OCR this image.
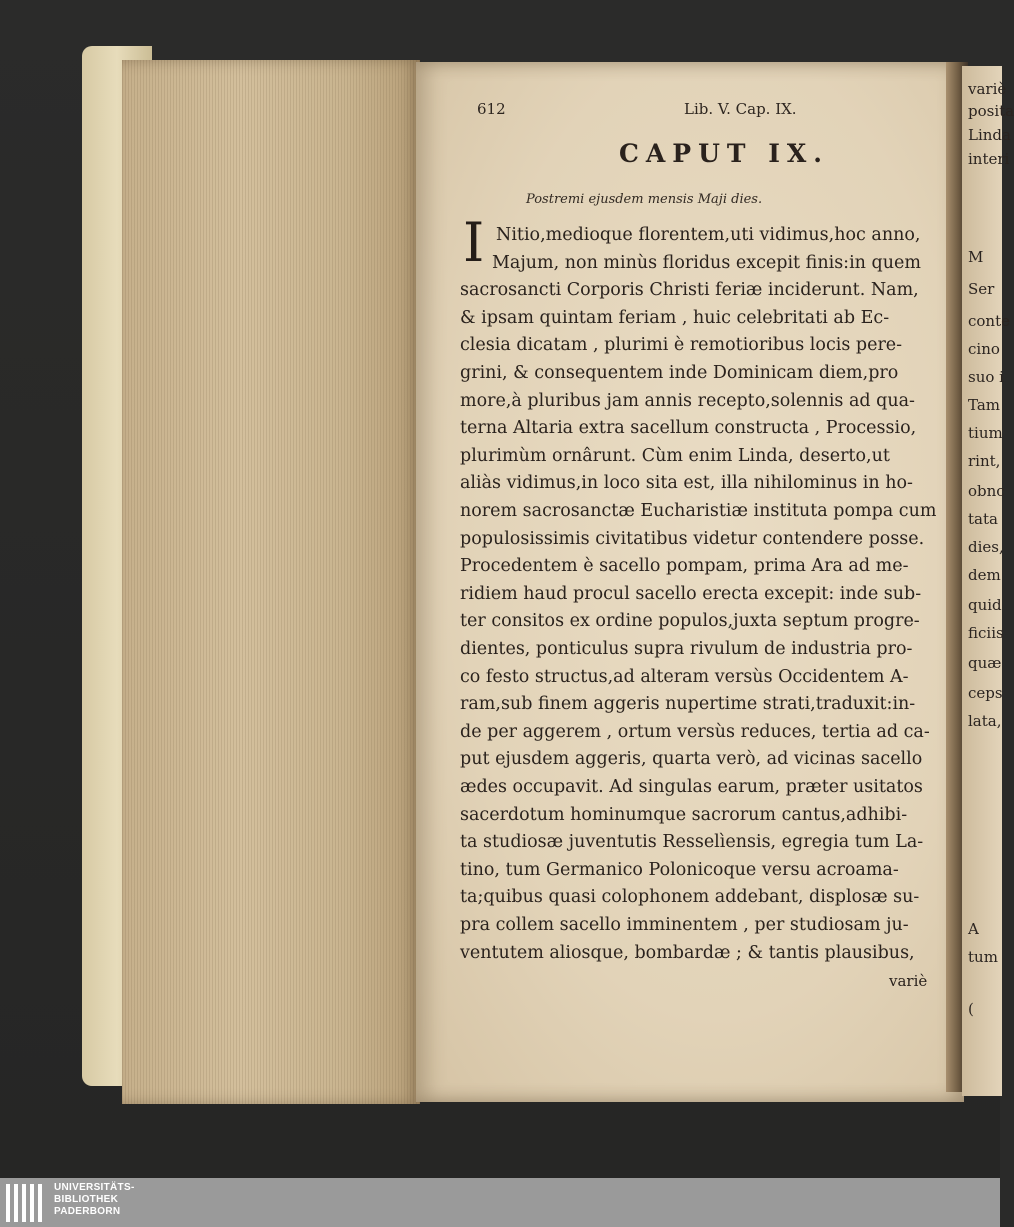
variè
posita
Linda
interi
M
Ser
conte
cino
suo i
Tam
tium
rint,
obnc
tata
dies,
dem
quid
ficiis
quæ
ceps
lata,
A
tum
(
612	Lib. V. Cap. IX.
CAPUT IX.
Postremi ejusdem mensis Maji dies.
I Nitio,medioque florentem,uti vidimus,hoc anno,
Majum, non minùs floridus excepit finis:in quem
sacrosancti Corporis Christi feriæ inciderunt. Nam,
& ipsam quintam feriam , huic celebritati ab Ec-
clesia dicatam , plurimi è remotioribus locis pere-
grini, & consequentem inde Dominicam diem,pro
more,à pluribus jam annis recepto,solennis ad qua-
terna Altaria extra sacellum constructa , Processio,
plurimùm ornârunt. Cùm enim Linda, deserto,ut
aliàs vidimus,in loco sita est, illa nihilominus in ho-
norem sacrosanctæ Eucharistiæ instituta pompa cum
populosissimis civitatibus videtur contendere posse.
Procedentem è sacello pompam, prima Ara ad me-
ridiem haud procul sacello erecta excepit: inde sub-
ter consitos ex ordine populos,juxta septum progre-
dientes, ponticulus supra rivulum de industria pro-
co festo structus,ad alteram versùs Occidentem A-
ram,sub finem aggeris nupertime strati,traduxit:in-
de per aggerem , ortum versùs reduces, tertia ad ca-
put ejusdem aggeris, quarta verò, ad vicinas sacello
ædes occupavit. Ad singulas earum, præter usitatos
sacerdotum hominumque sacrorum cantus,adhibi-
ta studiosæ juventutis Resselìensis, egregia tum La-
tino, tum Germanico Polonicoque versu acroama-
ta;quibus quasi colophonem addebant, displosæ su-
pra collem sacello imminentem , per studiosam ju-
ventutem aliosque, bombardæ ; & tantis plausibus,
variè
UNIVERSITÄTS-
BIBLIOTHEK
PADERBORN
